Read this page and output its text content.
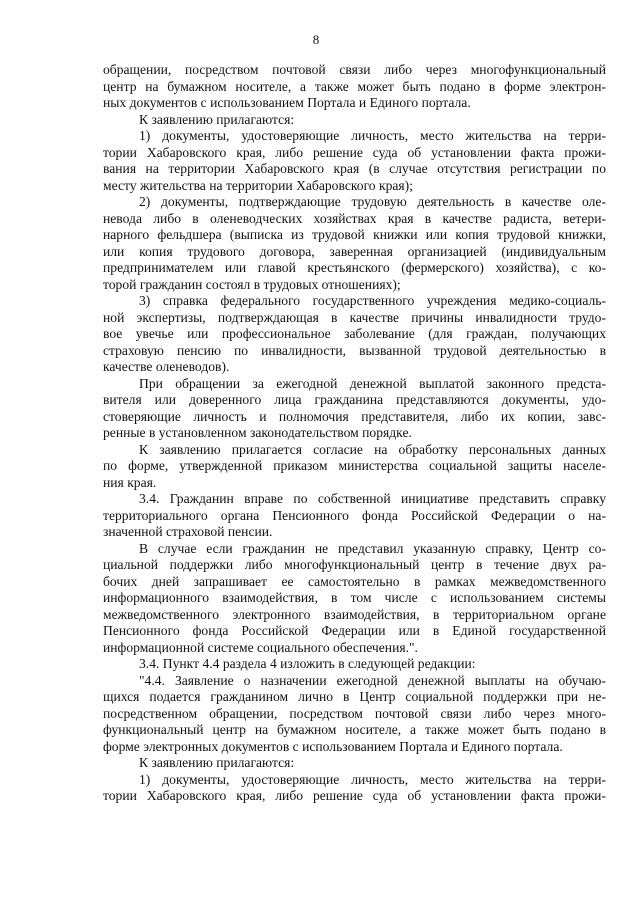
8
обращении, посредством почтовой связи либо через многофункциональный
центр на бумажном носителе, а также может быть подано в форме электрон-
ных документов с использованием Портала и Единого портала.
К заявлению прилагаются:
1) документы, удостоверяющие личность, место жительства на терри-
тории Хабаровского края, либо решение суда об установлении факта прожи-
вания на территории Хабаровского края (в случае отсутствия регистрации по
месту жительства на территории Хабаровского края);
2) документы, подтверждающие трудовую деятельность в качестве оле-
невода либо в оленеводческих хозяйствах края в качестве радиста, ветери-
нарного фельдшера (выписка из трудовой книжки или копия трудовой книжки,
или копия трудового договора, заверенная организацией (индивидуальным
предпринимателем или главой крестьянского (фермерского) хозяйства), с ко-
торой гражданин состоял в трудовых отношениях);
3) справка федерального государственного учреждения медико-социаль-
ной экспертизы, подтверждающая в качестве причины инвалидности трудо-
вое увечье или профессиональное заболевание (для граждан, получающих
страховую пенсию по инвалидности, вызванной трудовой деятельностью в
качестве оленеводов).
При обращении за ежегодной денежной выплатой законного предста-
вителя или доверенного лица гражданина представляются документы, удо-
стоверяющие личность и полномочия представителя, либо их копии, завс-
ренные в установленном законодательством порядке.
К заявлению прилагается согласие на обработку персональных данных
по форме, утвержденной приказом министерства социальной защиты населе-
ния края.
3.4. Гражданин вправе по собственной инициативе представить справку
территориального органа Пенсионного фонда Российской Федерации о на-
значенной страховой пенсии.
В случае если гражданин не представил указанную справку, Центр со-
циальной поддержки либо многофункциональный центр в течение двух ра-
бочих дней запрашивает ее самостоятельно в рамках межведомственного
информационного взаимодействия, в том числе с использованием системы
межведомственного электронного взаимодействия, в территориальном органе
Пенсионного фонда Российской Федерации или в Единой государственной
информационной системе социального обеспечения.".
3.4. Пункт 4.4 раздела 4 изложить в следующей редакции:
"4.4. Заявление о назначении ежегодной денежной выплаты на обучаю-
щихся подается гражданином лично в Центр социальной поддержки при не-
посредственном обращении, посредством почтовой связи либо через много-
функциональный центр на бумажном носителе, а также может быть подано в
форме электронных документов с использованием Портала и Единого портала.
К заявлению прилагаются:
1) документы, удостоверяющие личность, место жительства на терри-
тории Хабаровского края, либо решение суда об установлении факта прожи-
